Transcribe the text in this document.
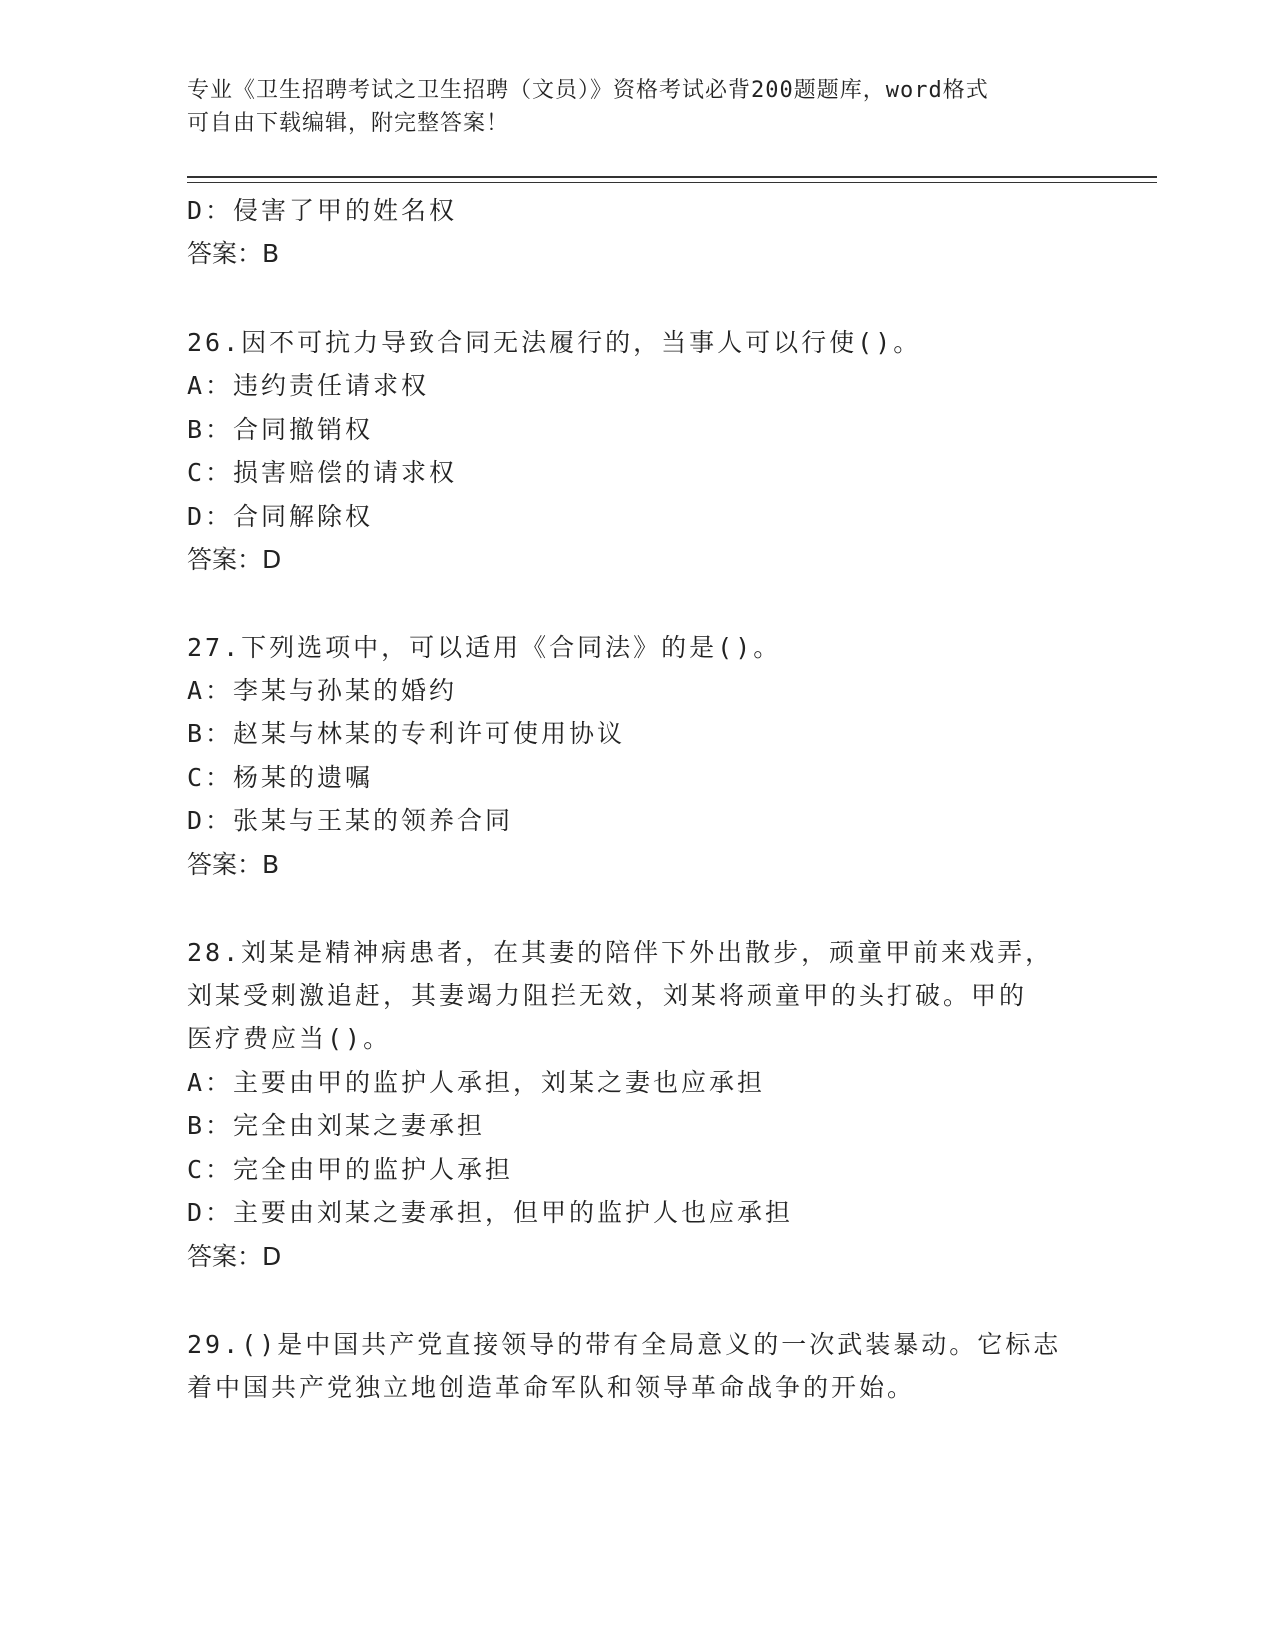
专业《卫生招聘考试之卫生招聘（文员）》资格考试必背200题题库，word格式
可自由下载编辑，附完整答案！
D：侵害了甲的姓名权
答案：B
26.因不可抗力导致合同无法履行的，当事人可以行使()。
A：违约责任请求权
B：合同撤销权
C：损害赔偿的请求权
D：合同解除权
答案：D
27.下列选项中，可以适用《合同法》的是()。
A：李某与孙某的婚约
B：赵某与林某的专利许可使用协议
C：杨某的遗嘱
D：张某与王某的领养合同
答案：B
28.刘某是精神病患者，在其妻的陪伴下外出散步，顽童甲前来戏弄，
刘某受刺激追赶，其妻竭力阻拦无效，刘某将顽童甲的头打破。甲的
医疗费应当()。
A：主要由甲的监护人承担，刘某之妻也应承担
B：完全由刘某之妻承担
C：完全由甲的监护人承担
D：主要由刘某之妻承担，但甲的监护人也应承担
答案：D
29.()是中国共产党直接领导的带有全局意义的一次武装暴动。它标志
着中国共产党独立地创造革命军队和领导革命战争的开始。
